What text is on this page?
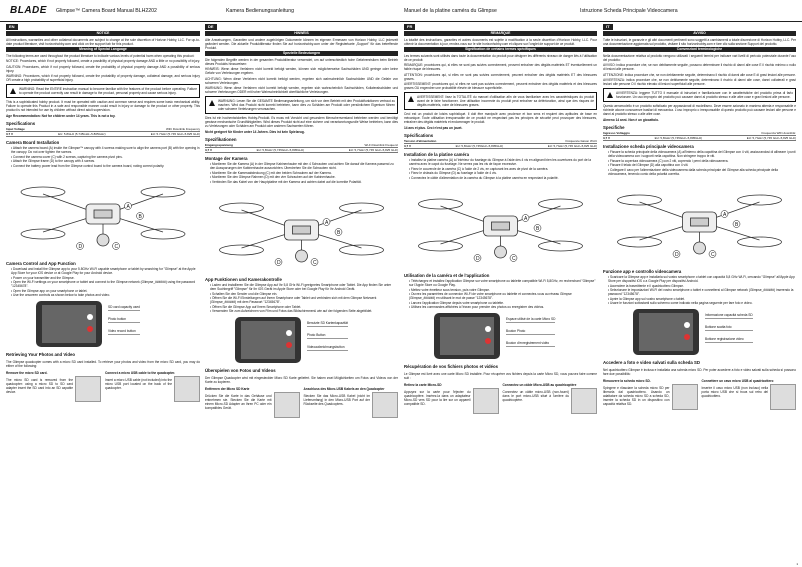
BLADE Glimpse™ Camera Board Manual BLH2202	Kamera Bedienungsanleitung	Manuel de la platine caméra du Glimpse	Istruzione Scheda Principale Videocamera
EN
NOTICE
All instructions, warranties and other collateral documents are subject to change at the sole discretion of Horizon Hobby, LLC. For up-to-date product literature, visit horizonhobby.com and click on the support tab for this product.
Meaning of Special Language
The following terms are used throughout the product literature to indicate various levels of potential harm when operating this product:
NOTICE: Procedures, which if not properly followed, create a possibility of physical property damage AND a little or no possibility of injury.
CAUTION: Procedures, which if not properly followed, create the probability of physical property damage AND a possibility of serious injury.
WARNING: Procedures, which if not properly followed, create the probability of property damage, collateral damage, and serious injury OR create a high probability of superficial injury.
WARNING: Read the ENTIRE instruction manual to become familiar with the features of the product before operating. Failure to operate the product correctly can result in damage to the product, personal property and cause serious injury.
This is a sophisticated hobby product. It must be operated with caution and common sense and requires some basic mechanical ability. Failure to operate this Product in a safe and responsible manner could result in injury or damage to the product or other property. This product is not intended for use by children without direct adult supervision.
Age Recommendation: Not for children under 14 years. This is not a toy.
Specifications
Input Voltage	WiFi Downlink Frequency
3.7 V	EU: 5.8GHz (5.745GHz~5.805GHz)	EU: 5.7GHz (5.745 GHz~5.825 GHz)
Camera Board Installation
• Attach the camera board (A) inside the Glimpse™ canopy with 4 screws making sure to align the camera port (B) with the opening in the canopy. Do not over tighten the screws.
• Connect the camera cover (C) with 2 screws, capturing the camera pivot pins.
• Attach the Glimpse frame (D) to the canopy with 4 screws.
• Connect the battery power lead from the Glimpse control board to the camera board, noting correct polarity.
A
B
C
D
Camera Control and App Function
• Download and install the Glimpse app to your 5.8GHz Wi-Fi capable smartphone or tablet by searching for "Glimpse" at the Apple App Store for your iOS device or at Google Play for your Android device.
• Power on your transmitter and the Glimpse.
• Open the Wi-Fi settings on your smartphone or tablet and connect to the Glimpse network (Glimpse_######) using the password "12345678".
• Open the Glimpse app on your smartphone or tablet.
• Use the onscreen controls as shown below to take photos and video.
SD card capacity used
Photo button
Video record button
Retrieving Your Photos and Video
The Glimpse quadcopter comes with a micro SD card installed. To retrieve your photos and video from the micro SD card, you may do either of the following:
Remove the micro SD card.
The micro SD card is removed from the quadcopter: using a micro SD to SD card adapter insert the SD card into an SD capable device.
Connect a micro USB cable to the quadcopter.
Insert a micro USB cable (not included) into the micro USB port located on the back of the quadcopter.
DE
HINWEIS
Alle Anweisungen, Garantien und andere zugehörigen Dokumente können im eigenen Ermessen von Horizon Hobby, LLC jederzeit geändert werden. Die aktuelle Produktliteratur finden Sie auf horizonhobby.com unter der Registerkarte „Support" für das betreffende Produkt.
Spezielle Bedeutungen
Die folgenden Begriffe werden in der gesamten Produktliteratur verwendet, um auf unterschiedlich hohe Gefahrenrisiken beim Betrieb dieses Produkts hinzuweisen:
HINWEIS: Wenn diese Verfahren nicht korrekt befolgt werden, können sich möglicherweise Sachschäden UND geringe oder keine Gefahr von Verletzungen ergeben.
ACHTUNG: Wenn diese Verfahren nicht korrekt befolgt werden, ergeben sich wahrscheinlich Sachschäden UND die Gefahr von schweren Verletzungen.
WARNUNG: Wenn diese Verfahren nicht korrekt befolgt werden, ergeben sich wahrscheinlich Sachschäden, Kollateralschäden und schwere Verletzungen ODER mit hoher Wahrscheinlichkeit oberflächliche Verletzungen.
WARNUNG: Lesen Sie die GESAMTE Bedienungsanleitung, um sich vor dem Betrieb mit den Produktfunktionen vertraut zu machen. Wird das Produkt nicht korrekt betrieben, kann dies zu Schäden am Produkt oder persönlichem Eigentum führen oder schwere Verletzungen verursachen.
Dies ist ein hochentwickeltes Hobby-Produkt. Es muss mit Vorsicht und gesundem Menschenverstand betrieben werden und benötigt gewisse mechanische Grundfähigkeiten. Wird dieses Produkt nicht auf eine sichere und verantwortungsvolle Weise betrieben, kann dies zu Verletzungen oder Schäden am Produkt oder anderen Sachwerten führen.
Nicht geeignet für Kinder unter 14 Jahren. Dies ist kein Spielzeug.
Spezifikationen
Eingangsspannung	Wi-Fi Downlink Frequenz
3,7 V	EU: 5,8GHz (5,745GHz~5,805GHz)	EU: 5,7GHz (5,745 GHz~5,825 GHz)
Montage der Kamera
• Montieren Sie die Kamera (A) in der Glimpse Kabinenhaube mit den 4 Schrauben und achten Sie darauf die Kamera passend zu den Aussparungen der Kabinenhaube auszurichten. Überdrehen Sie die Schrauben nicht.
• Montieren Sie die Kameraabdeckung (C) mit den beiden Schrauben auf der Kamera.
• Montieren Sie den Glimpse Rahmen (D) mit den vier Schrauben auf der Kabinenhaube.
• Verbinden Sie das Kabel von der Hauptplatine mit der Kamera und achten dabei auf die korrekte Polarität.
A
B
C
D
App Funktionen und Kamerakontrolle
• Laden und installieren Sie die Glimpse App auf Ihr 5,8 GHz Wi-Fi geeignetes Smartphone oder Tablet. Die App finden Sie unter dem Suchbegriff "Glimpse" für Ihr iOS Gerät im Apple Store oder bei Google Play für Ihr Android Gerät.
• Schalten Sie den Sender und die Glimpse ein.
• Öffnen Sie die Wi-Fi Einstellungen auf Ihrem Smartphone oder Tablet und verbinden sich mit dem Glimpse Netzwerk (Glimpse_######) mit dem Passwort "12345678".
• Öffnen Sie die Glimpse App auf Ihrem Smartphone oder Tablet.
• Verwenden Sie zum Aufzeichnen von Film und Fotos das Bildschirmmenü wie auf der folgenden Seite abgebildet.
Benutzte SD Kartenkapazität
Photo Button
Videoaufzeichnungsbutton
Überspielen von Fotos und Videos
Der Glimpse Quadcopter wird mit eingesteckter Micro SD Karte geliefert. Sie haben zwei Möglichkeiten um Fotos und Videos von der Karte zu kopieren.
Entfernen der Micro SD Karte
Drücken Sie die Karte in das Gehäuse und entnehmen sie. Stecken Sie die Karte mit einem Micro-SD Adapter an Ihren PC oder ein kompatibles Gerät.
Anschluss des Micro-USB Kabels an den Quadcopter
Stecken Sie das Micro-USB Kabel (nicht im Lieferumfang) in den Micro-USB Port auf der Rückseite des Quadcopters.
FR
REMARQUE
La totalité des instructions, garanties et autres documents est sujette à modification à la seule discrétion d'Horizon Hobby, LLC. Pour obtenir la documentation à jour, rendez-vous sur le site horizonhobby.com et cliquez sur l'onglet de support de ce produit.
Signification de certains termes spécifiques
Les termes suivants sont utilisés dans toute la documentation du produit pour désigner les différents niveaux de danger liés à l'utilisation de ce produit:
REMARQUE: procédures qui, si elles ne sont pas suivies correctement, peuvent entraîner des dégâts matériels ET éventuellement un faible risque de blessures.
ATTENTION: procédures qui, si elles ne sont pas suivies correctement, peuvent entraîner des dégâts matériels ET des blessures graves.
AVERTISSEMENT: procédures qui, si elles ne sont pas suivies correctement, peuvent entraîner des dégâts matériels et des blessures graves OU engendrer une probabilité élevée de blessure superficielle.
AVERTISSEMENT: lisez la TOTALITÉ du manuel d'utilisation afin de vous familiariser avec les caractéristiques du produit avant de le faire fonctionner. Une utilisation incorrecte du produit peut entraîner sa détérioration, ainsi que des risques de dégâts matériels, voire de blessures graves.
Ceci est un produit de loisirs sophistiqué. Il doit être manipulé avec prudence et bon sens et requiert des aptitudes de base en mécanique. Toute utilisation irresponsable de ce produit ne respectant pas les principes de sécurité peut provoquer des blessures, entraîner des dégâts matériels et endommager le produit.
14 ans et plus. Ceci n'est pas un jouet.
Spécifications
Tension d'alimentation	Fréquence liaison Wi-Fi
3,7 V	EU: 5,8GHz (5,745GHz~5,805GHz)	EU: 5,7GHz (5,745 GHz~5,825 GHz)
Installation de la platine caméra
• Installez la platine caméra (A) à l'intérieur du fuselage du Glimpse à l'aide des 4 vis en alignant bien les ouvertures du port de la caméra avec le capot du fuselage. Ne serrez pas les vis de façon excessive.
• Fixez le couvercle de la caméra (C) à l'aide de 2 vis, en capturant les axes de pivot de la caméra.
• Fixez le châssis du Glimpse (D) au fuselage à l'aide de 4 vis.
• Connectez le câble d'alimentation de la caméra du Glimpse à la platine caméra en respectant la polarité.
A
B
C
D
Utilisation de la caméra et de l'application
• Téléchargez et installez l'application Glimpse sur votre smartphone ou tablette compatible Wi-Fi 5,8GHz, en recherchant "Glimpse" sur l'Apple Store ou Google Play.
• Mettez votre émetteur sous tension, puis votre Glimpse.
• Ouvrez les paramètres de connexion Wi-Fi de votre smartphone ou tablette et connectez-vous au réseau Glimpse (Glimpse_######) en utilisant le mot de passe "12345678".
• Lancez l'application Glimpse depuis votre smartphone ou tablette.
• Utilisez les commandes affichées à l'écran pour prendre des photos ou enregistrer des vidéos.
Espace utilisé de la carte Micro SD
Bouton Photo
Bouton d'enregistrement vidéo
Récupération de vos fichiers photos et vidéos
Le Glimpse est livré avec une carte Micro SD installée. Pour récupérer vos fichiers depuis la carte Micro SD, vous pouvez faire comme suit :
Retirez la carte Micro-SD
Appuyez sur la carte pour l'éjecter du quadricoptère. Insérez-la dans un adaptateur Micro-SD vers SD pour la lire sur un appareil compatible SD.
Connectez un câble Micro-USB au quadricoptère
Connectez un câble micro-USB (non-fourni) dans le port micro-USB situé à l'arrière du quadricoptère.
IT
AVVISO
Tutte le istruzioni, le garanzie e gli altri documenti pertinenti sono soggetti a cambiamenti a totale discrezione di Horizon Hobby, LLC. Per una documentazione aggiornata sul prodotto, visitare il sito horizonhobby.com e fare clic sulla sezione Support del prodotto.
Convenzioni terminologiche
Nella documentazione relativa al prodotto vengono utilizzati i seguenti termini per indicare vari livelli di pericolo potenziale durante l'uso del prodotto:
AVVISO: indica procedure che, se non debitamente seguite, possono determinare il rischio di danni alle cose E il rischio minimo o nullo di lesioni alle persone.
ATTENZIONE: indica procedure che, se non debitamente seguite, determinano il rischio di danni alle cose E di gravi lesioni alle persone.
AVVERTENZA: indica procedure che, se non debitamente seguite, determinano il rischio di danni alle cose, danni collaterali e gravi lesioni alle persone O il rischio elevato di lesioni superficiali alle persone.
AVVERTENZA: leggere TUTTO il manuale di istruzioni e familiarizzare con le caratteristiche del prodotto prima di farlo funzionare. Un uso improprio del prodotto può causare danni al prodotto stesso e alle altre cose e gravi lesioni alle persone.
Questo aeromodello è un prodotto sofisticato per appassionati di modellismo. Deve essere azionato in maniera attenta e responsabile e richiede alcune conoscenze basilari di meccanica. L'uso improprio o irresponsabile di questo prodotto può causare lesioni alle persone e danni al prodotto stesso o alle altre cose.
Almeno 14 anni. Non è un giocattolo.
Specifiche
Ingresso Voltaggio	Frequenza WiFi downlink:
3,7 V	EU: 5,8GHz (5,745GHz~5,805GHz)	EU: 5,7GHz (5,745 GHz~5,825 GHz)
Installazione scheda principale videocamera
• Fissare la scheda principale della videocamera (A) all'interno della capottina del Glimpse con 4 viti, assicurandosi di allineare i punti della videocamera con i supporti nella capottina. Non stringere troppo le viti.
• Fissare la copertura videocamera (C) con 2 viti, coprendo i perni della videocamera.
• Fissare il telaio del Glimpse (D) alla capottina con 4 viti.
• Collegare il cavo per l'alimentazione della videocamera dalla scheda principale del Glimpse alla scheda principale della videocamera, tenendo conto della polarità corretta.
A
B
C
D
Funzione app e controllo videocamera
• Scaricare la Glimpse app e installarla sul vostro smartphone o tablet con capacità 5,8 GHz Wi-Fi, cercando "Glimpse" all'Apple App Store per dispositivi iOS o a Google Play per dispositivi Android.
• Accendere la trasmittente e il quadricottero Glimpse.
• Selezionare le impostazioni Wi-Fi del vostro smartphone o tablet e connettersi al Glimpse network (Glimpse_######) inserendo la password "12345678".
• Aprire la Glimpse app sul vostro smartphone o tablet.
• Usare le funzioni sottostanti sullo schermo come indicato nella pagina seguente per fare foto e video.
Informazione capacità scheda SD
Bottone scatta foto
Bottone registrazione video
Accedere a foto e video salvati sulla scheda SD
Nel quadricottero Glimpse è inclusa e installata una scheda micro SD. Per poter accedere a foto e video salvati sulla scheda si possono fare due possibilità:
Rimuovere la scheda micro SD.
Spingere e rilasciare la scheda micro SD per liberarla dal quadricottero. Usando un adattatore da scheda micro SD a scheda SD, inserire la scheda SD in un dispositivo con capacità relativa SD.
Connettere un cavo micro USB al quadricottero
Inserire il cavo micro USB (non incluso) nella porta micro USB che si trova sul retro del quadricottero.
1
